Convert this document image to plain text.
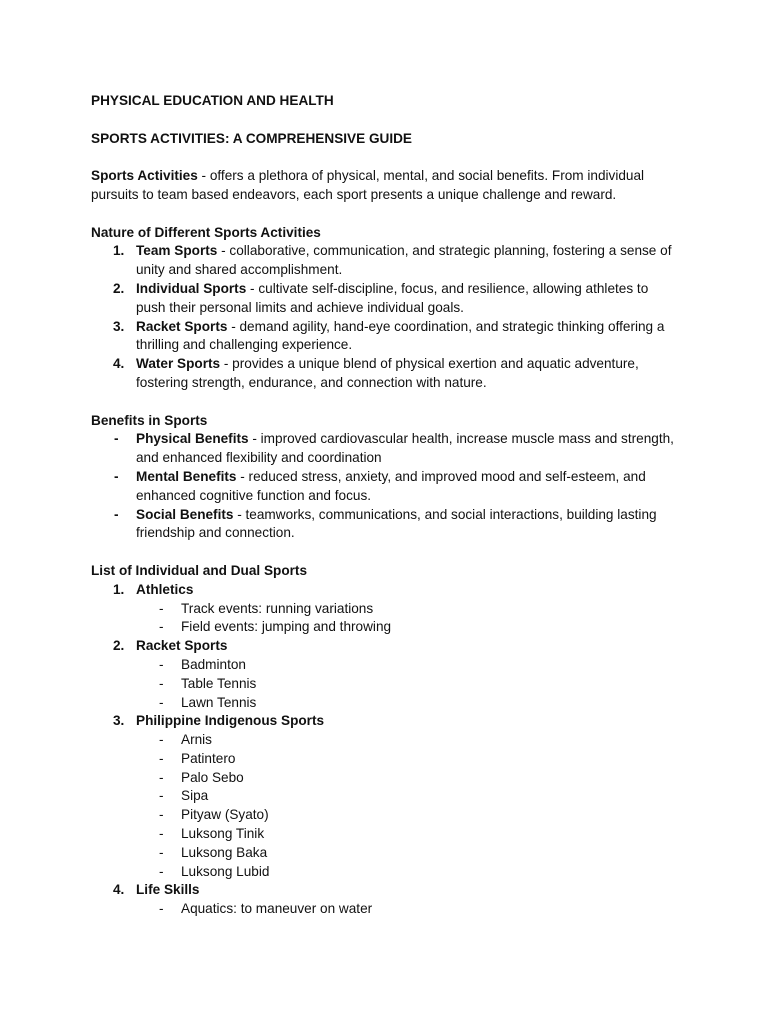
PHYSICAL EDUCATION AND HEALTH

SPORTS ACTIVITIES: A COMPREHENSIVE GUIDE

Sports Activities - offers a plethora of physical, mental, and social benefits. From individual pursuits to team based endeavors, each sport presents a unique challenge and reward.

Nature of Different Sports Activities

1. Team Sports - collaborative, communication, and strategic planning, fostering a sense of unity and shared accomplishment.
2. Individual Sports - cultivate self-discipline, focus, and resilience, allowing athletes to push their personal limits and achieve individual goals.
3. Racket Sports - demand agility, hand-eye coordination, and strategic thinking offering a thrilling and challenging experience.
4. Water Sports - provides a unique blend of physical exertion and aquatic adventure, fostering strength, endurance, and connection with nature.

Benefits in Sports

- Physical Benefits - improved cardiovascular health, increase muscle mass and strength, and enhanced flexibility and coordination
- Mental Benefits - reduced stress, anxiety, and improved mood and self-esteem, and enhanced cognitive function and focus.
- Social Benefits - teamworks, communications, and social interactions, building lasting friendship and connection.

List of Individual and Dual Sports

1. Athletics
- Track events: running variations
- Field events: jumping and throwing
2. Racket Sports
- Badminton
- Table Tennis
- Lawn Tennis
3. Philippine Indigenous Sports
- Arnis
- Patintero
- Palo Sebo
- Sipa
- Pityaw (Syato)
- Luksong Tinik
- Luksong Baka
- Luksong Lubid
4. Life Skills
- Aquatics: to maneuver on water
